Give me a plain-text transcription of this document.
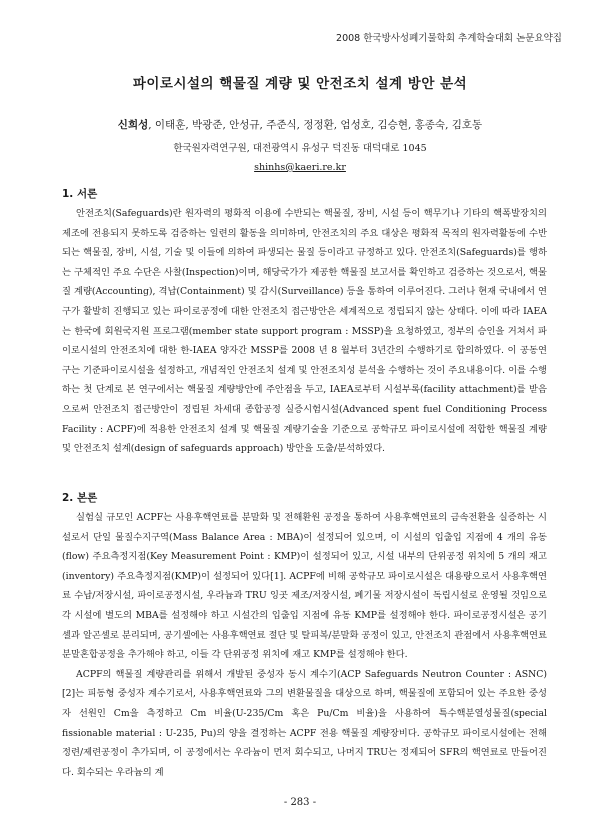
2008 한국방사성폐기물학회 추계학술대회 논문요약집
파이로시설의 핵물질 계량 및 안전조치 설계 방안 분석
신희성, 이태훈, 박광준, 안성규, 주준식, 정정환, 엄성호, 김승현, 홍종숙, 김호동
한국원자력연구원, 대전광역시 유성구 덕진동 대덕대로 1045
shinhs@kaeri.re.kr
1. 서론

안전조치(Safeguards)란 원자력의 평화적 이용에 수반되는 핵물질, 장비, 시설 등이 핵무기나 기타의 핵폭발장치의 제조에 전용되지 못하도록 검증하는 일련의 활동을 의미하며, 안전조치의 주요 대상은 평화적 목적의 원자력활동에 수반되는 핵물질, 장비, 시설, 기술 및 이들에 의하여 파생되는 물질 등이라고 규정하고 있다. 안전조치(Safeguards)를 행하는 구체적인 주요 수단은 사찰(Inspection)이며, 해당국가가 제공한 핵물질 보고서를 확인하고 검증하는 것으로서, 핵물질 계량(Accounting), 격납(Containment) 및 감시(Surveillance) 등을 통하여 이루어진다. 그러나 현재 국내에서 연구가 활발히 진행되고 있는 파이로공정에 대한 안전조치 접근방안은 세계적으로 정립되지 않는 상태다. 이에 따라 IAEA는 한국에 회원국지원 프로그램(member state support program : MSSP)을 요청하였고, 정부의 승인을 거쳐서 파이로시설의 안전조치에 대한 한-IAEA 양자간 MSSP를 2008 년 8 월부터 3년간의 수행하기로 합의하였다. 이 공동연구는 기준파이로시설을 설정하고, 개념적인 안전조치 설계 및 안전조치성 분석을 수행하는 것이 주요내용이다. 이를 수행하는 첫 단계로 본 연구에서는 핵물질 계량방안에 주안점을 두고, IAEA로부터 시설부록(facility attachment)를 받음으로써 안전조치 접근방안이 정립된 차세대 종합공정 실증시험시설(Advanced spent fuel Conditioning Process Facility : ACPF)에 적용한 안전조치 설계 및 핵물질 계량기술을 기준으로 공학규모 파이로시설에 적합한 핵물질 계량 및 안전조치 설계(design of safeguards approach) 방안을 도출/분석하였다.

2. 본론

실험실 규모인 ACPF는 사용후핵연료를 분말화 및 전해환원 공정을 통하여 사용후핵연료의 금속전환을 실증하는 시설로서 단일 물질수지구역(Mass Balance Area : MBA)이 설정되어 있으며, 이 시설의 입출입 지점에 4 개의 유동(flow) 주요측정지점(Key Measurement Point : KMP)이 설정되어 있고, 시설 내부의 단위공정 위치에 5 개의 재고(inventory) 주요측정지점(KMP)이 설정되어 있다[1]. ACPF에 비해 공학규모 파이로시설은 대용량으로서 사용후핵연료 수납/저장시설, 파이로공정시설, 우라늄과 TRU 잉곳 제조/저장시설, 폐기물 저장시설이 독립시설로 운영될 것임으로 각 시설에 별도의 MBA를 설정해야 하고 시설간의 입출입 지점에 유동 KMP를 설정해야 한다. 파이로공정시설은 공기셀과 알곤셀로 분리되며, 공기셀에는 사용후핵연료 절단 및 탈피복/분말화 공정이 있고, 안전조치 관점에서 사용후핵연료 분말혼합공정을 추가해야 하고, 이들 각 단위공정 위치에 재고 KMP를 설정해야 한다.

ACPF의 핵물질 계량관리를 위해서 개발된 중성자 동시 계수기(ACP Safeguards Neutron Counter : ASNC)[2]는 피동형 중성자 계수기로서, 사용후핵연료와 그의 변환물질을 대상으로 하며, 핵물질에 포함되어 있는 주요한 중성자 선원인 Cm을 측정하고 Cm 비율(U-235/Cm 혹은 Pu/Cm 비율)을 사용하여 특수핵분열성물질(special fissionable material : U-235, Pu)의 양을 결정하는 ACPF 전용 핵물질 계량장비다. 공학규모 파이로시설에는 전해정련/제련공정이 추가되며, 이 공정에서는 우라늄이 먼저 회수되고, 나머지 TRU는 정제되어 SFR의 핵연료로 만들어진다. 회수되는 우라늄의 계

- 283 -
